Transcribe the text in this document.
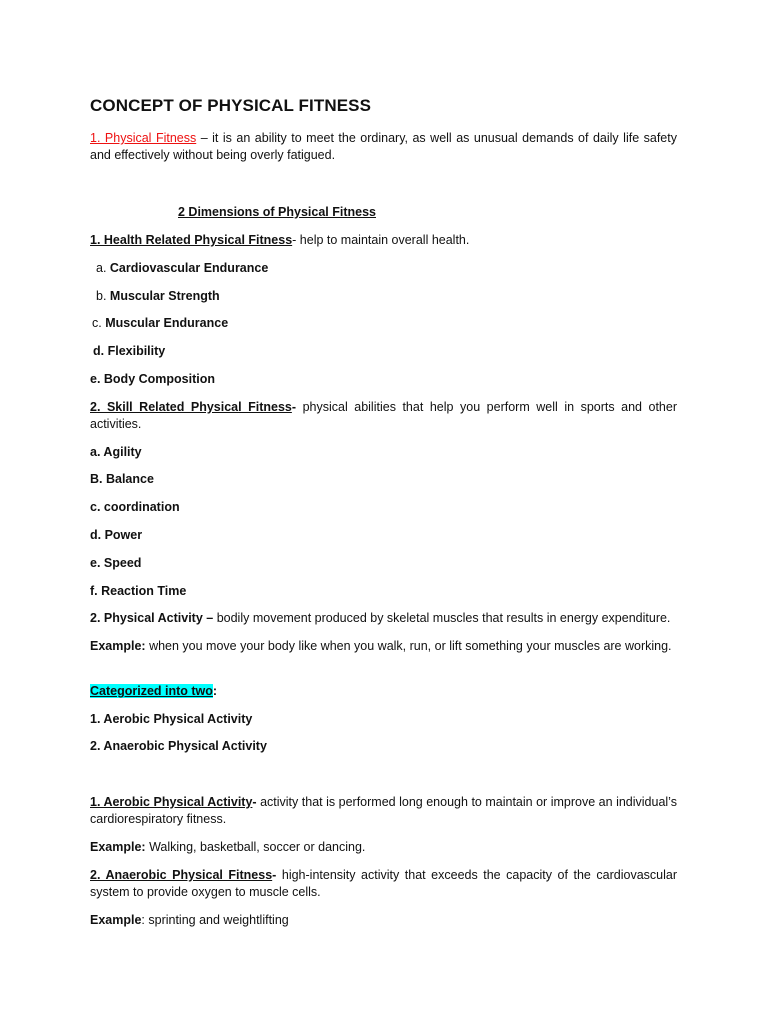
CONCEPT OF PHYSICAL FITNESS

1. Physical Fitness – it is an ability to meet the ordinary, as well as unusual demands of daily life safety and effectively without being overly fatigued.

2 Dimensions of Physical Fitness

1. Health Related Physical Fitness- help to maintain overall health.

a. Cardiovascular Endurance

b. Muscular Strength

c. Muscular Endurance

d. Flexibility

e. Body Composition

2. Skill Related Physical Fitness- physical abilities that help you perform well in sports and other activities.

a. Agility

B. Balance

c. coordination

d. Power

e. Speed

f. Reaction Time

2. Physical Activity – bodily movement produced by skeletal muscles that results in energy expenditure.

Example: when you move your body like when you walk, run, or lift something your muscles are working.

Categorized into two:

1. Aerobic Physical Activity

2. Anaerobic Physical Activity

1. Aerobic Physical Activity- activity that is performed long enough to maintain or improve an individual’s cardiorespiratory fitness.

Example: Walking, basketball, soccer or dancing.

2. Anaerobic Physical Fitness- high-intensity activity that exceeds the capacity of the cardiovascular system to provide oxygen to muscle cells.

Example: sprinting and weightlifting
